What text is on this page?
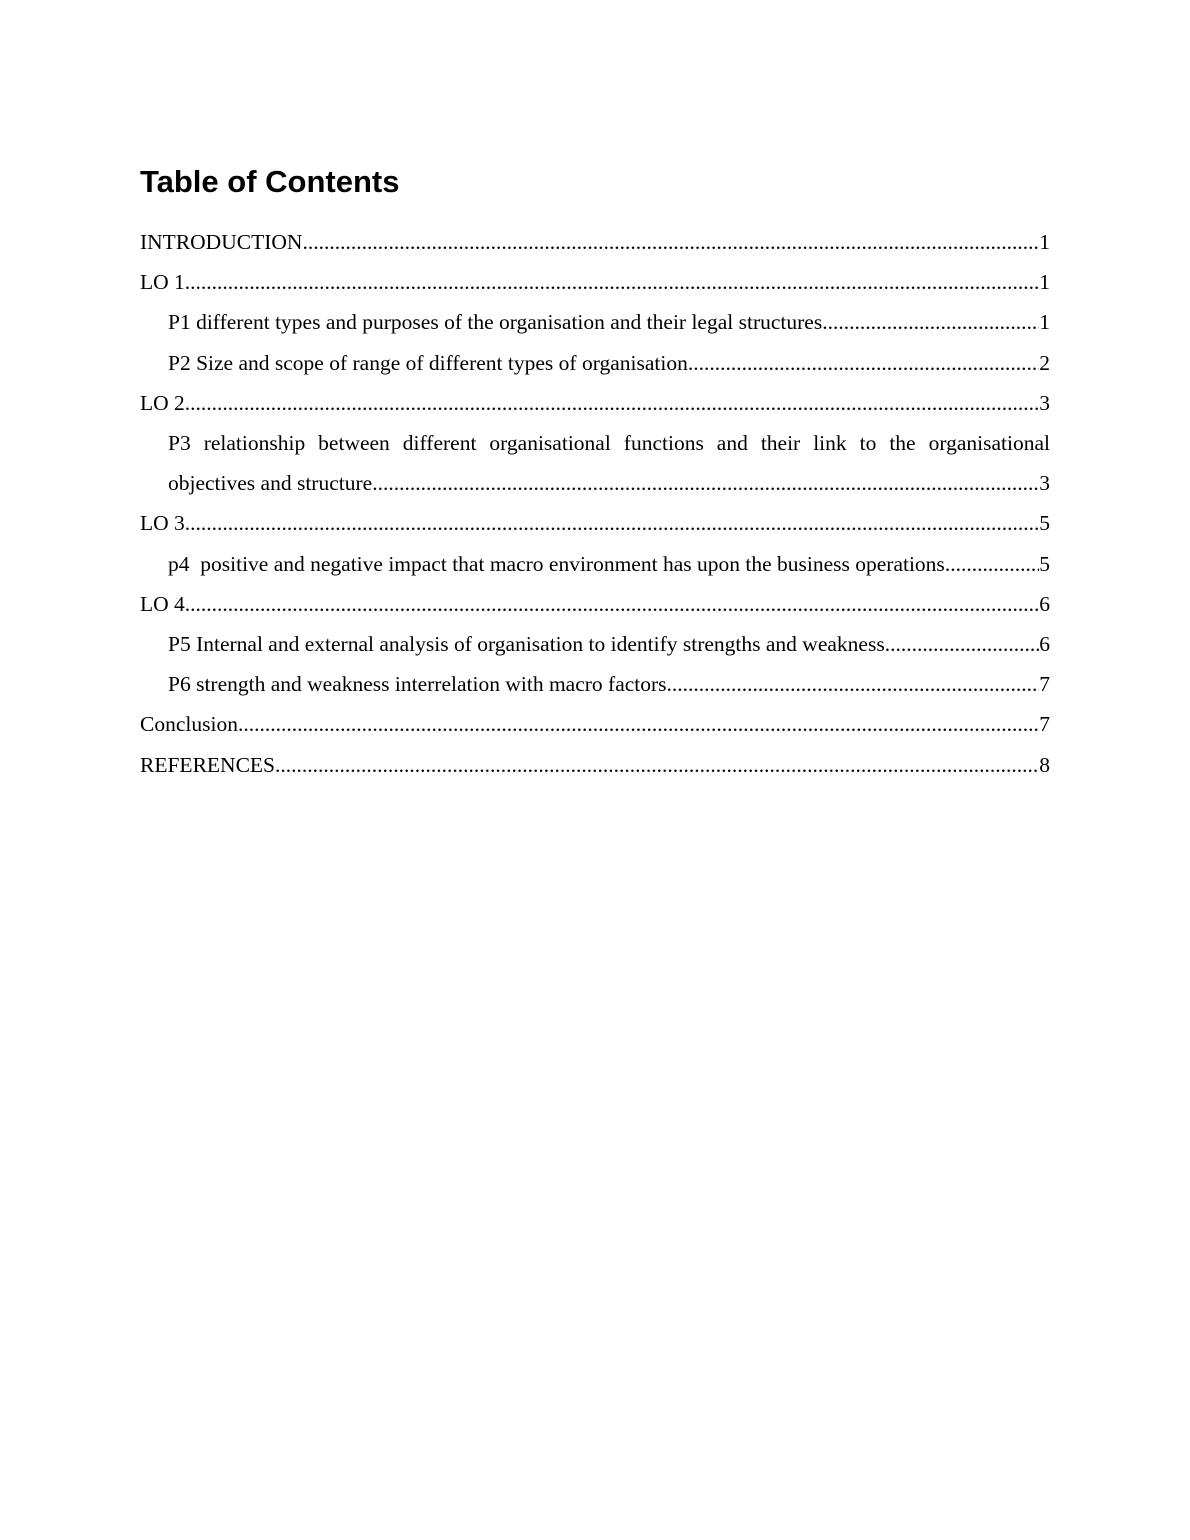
Table of Contents
INTRODUCTION .....	1
LO 1 .....	1
P1 different types and purposes of the organisation and their legal structures .....	1
P2 Size and scope of range of different types of organisation .....	2
LO 2 .....	3
P3 relationship between different organisational functions and their link to the organisational
objectives and structure .....	3
LO 3 .....	5
p4  positive and negative impact that macro environment has upon the business operations .....	5
LO 4 .....	6
P5 Internal and external analysis of organisation to identify strengths and weakness .....	6
P6 strength and weakness interrelation with macro factors .....	7
Conclusion .....	7
REFERENCES .....	8
